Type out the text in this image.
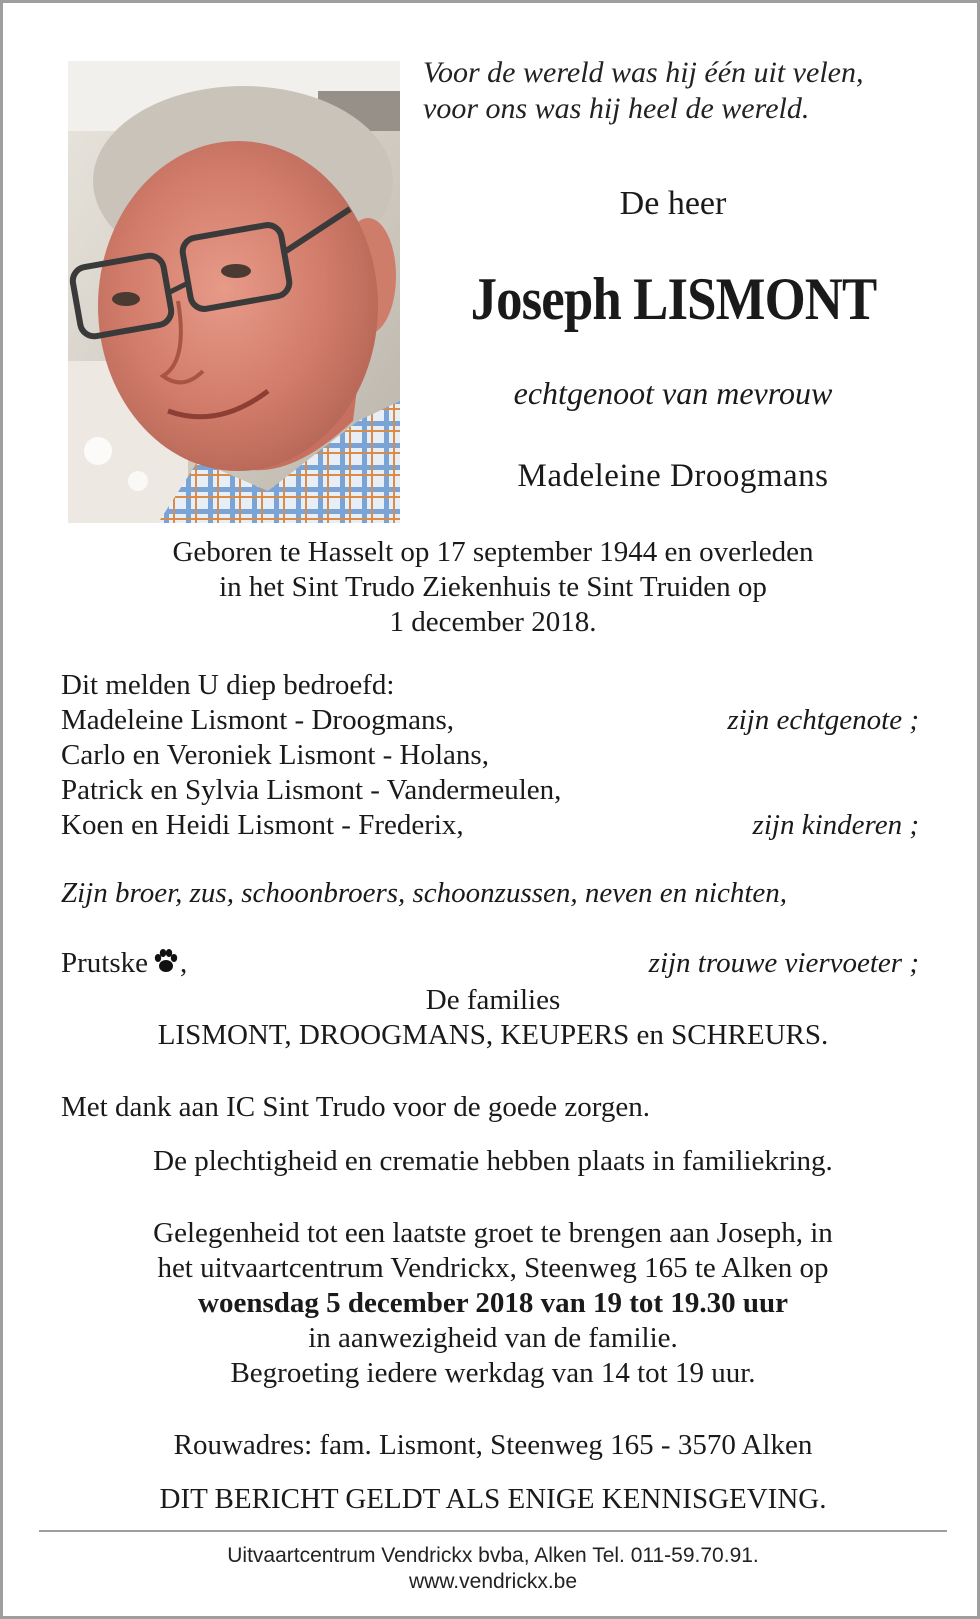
Voor de wereld was hij één uit velen,
voor ons was hij heel de wereld.
De heer
Joseph LISMONT
echtgenoot van mevrouw
Madeleine Droogmans
Geboren te Hasselt op 17 september 1944 en overleden
in het Sint Trudo Ziekenhuis te Sint Truiden op
1 december 2018.
Dit melden U diep bedroefd:
Madeleine Lismont - Droogmans,	zijn echtgenote ;
Carlo en Veroniek Lismont - Holans,
Patrick en Sylvia Lismont - Vandermeulen,
Koen en Heidi Lismont - Frederix,	zijn kinderen ;
Zijn broer, zus, schoonbroers, schoonzussen, neven en nichten,
Prutske ,	zijn trouwe viervoeter ;
De families
LISMONT, DROOGMANS, KEUPERS en SCHREURS.
Met dank aan IC Sint Trudo voor de goede zorgen.
De plechtigheid en crematie hebben plaats in familiekring.
Gelegenheid tot een laatste groet te brengen aan Joseph, in
het uitvaartcentrum Vendrickx, Steenweg 165 te Alken op
woensdag 5 december 2018 van 19 tot 19.30 uur
in aanwezigheid van de familie.
Begroeting iedere werkdag van 14 tot 19 uur.
Rouwadres: fam. Lismont, Steenweg 165 - 3570 Alken
DIT BERICHT GELDT ALS ENIGE KENNISGEVING.
Uitvaartcentrum Vendrickx bvba, Alken Tel. 011-59.70.91.
www.vendrickx.be
